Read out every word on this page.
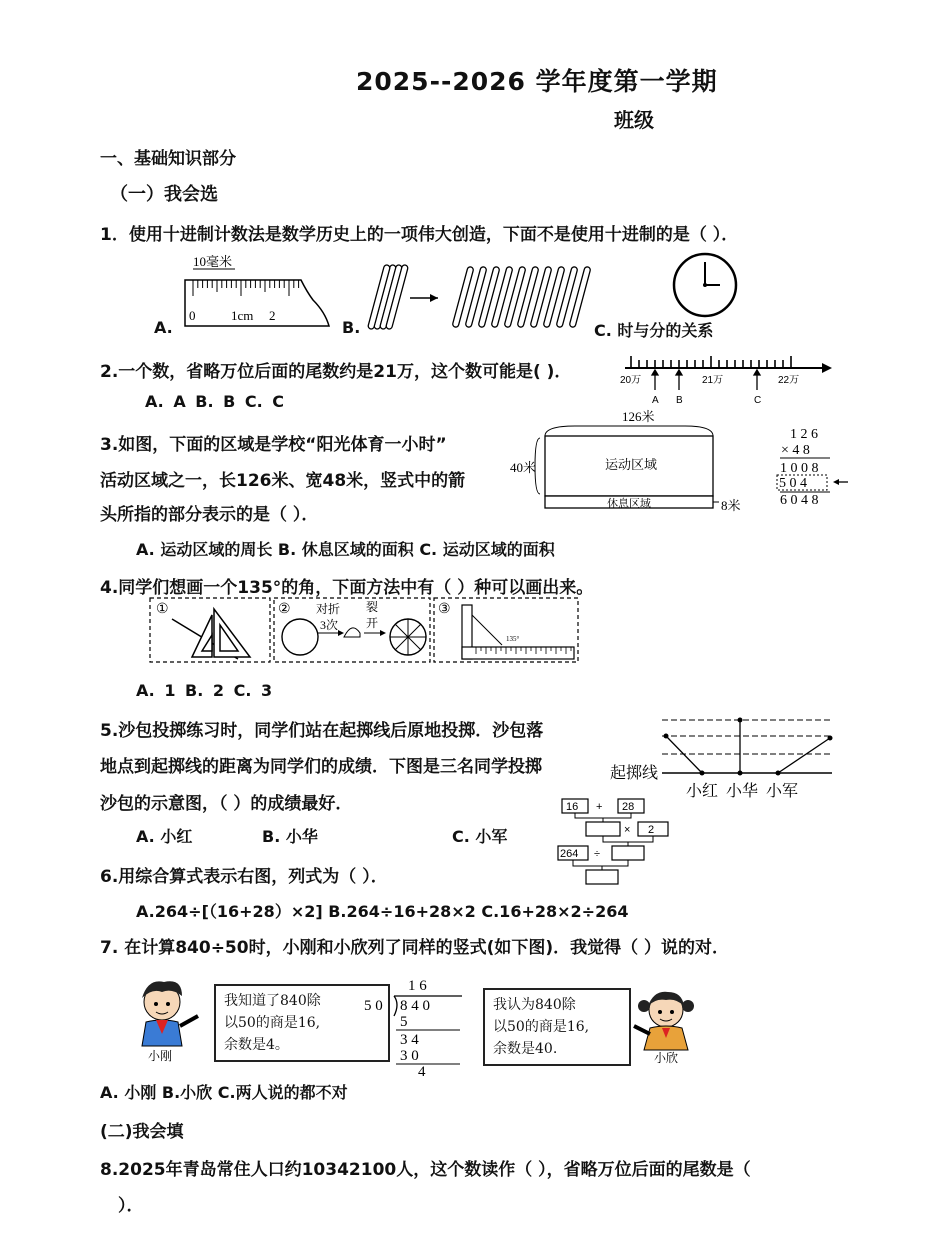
2025--2026 学年度第一学期
班级
一、基础知识部分
（一）我会选
1．使用十进制计数法是数学历史上的一项伟大创造，下面不是使用十进制的是（ ）．
A.	B.	C. 时与分的关系
10毫米
0	1cm 2
2.一个数，省略万位后面的尾数约是21万，这个数可能是( )．
A. A B. B C. C
20万	21万	22万
A B	C
3.如图，下面的区域是学校“阳光体育一小时”
活动区域之一，长126米、宽48米，竖式中的箭
头所指的部分表示的是（ ）．
A. 运动区域的周长 B. 休息区域的面积 C. 运动区域的面积
126米
运动区域
休息区域
40米
8米
1 2 6
× 4 8
1 0 0 8
5 0 4
6 0 4 8
4.同学们想画一个135°的角，下面方法中有（ ）种可以画出来。
①	②	③
对折
3次
裂
开
135°
A. 1 B. 2 C. 3
5.沙包投掷练习时，同学们站在起掷线后原地投掷．沙包落
地点到起掷线的距离为同学们的成绩．下图是三名同学投掷
沙包的示意图，（ ）的成绩最好．
A. 小红	B. 小华	C. 小军
起掷线
小红 小华 小军
6.用综合算式表示右图，列式为（ ）．
A.264÷[（16+28）×2] B.264÷16+28×2 C.16+28×2÷264
16 + 28
× 2
264 ÷
7. 在计算840÷50时，小刚和小欣列了同样的竖式(如下图)．我觉得（ ）说的对．
小刚
我知道了840除
以50的商是16,
余数是4。
1 6
5 0 8 4 0
5
3 4
3 0
4
我认为840除
以50的商是16,
余数是40.
小欣
A. 小刚 B.小欣 C.两人说的都不对
(二)我会填
8.2025年青岛常住人口约10342100人，这个数读作（ ），省略万位后面的尾数是（
）．
